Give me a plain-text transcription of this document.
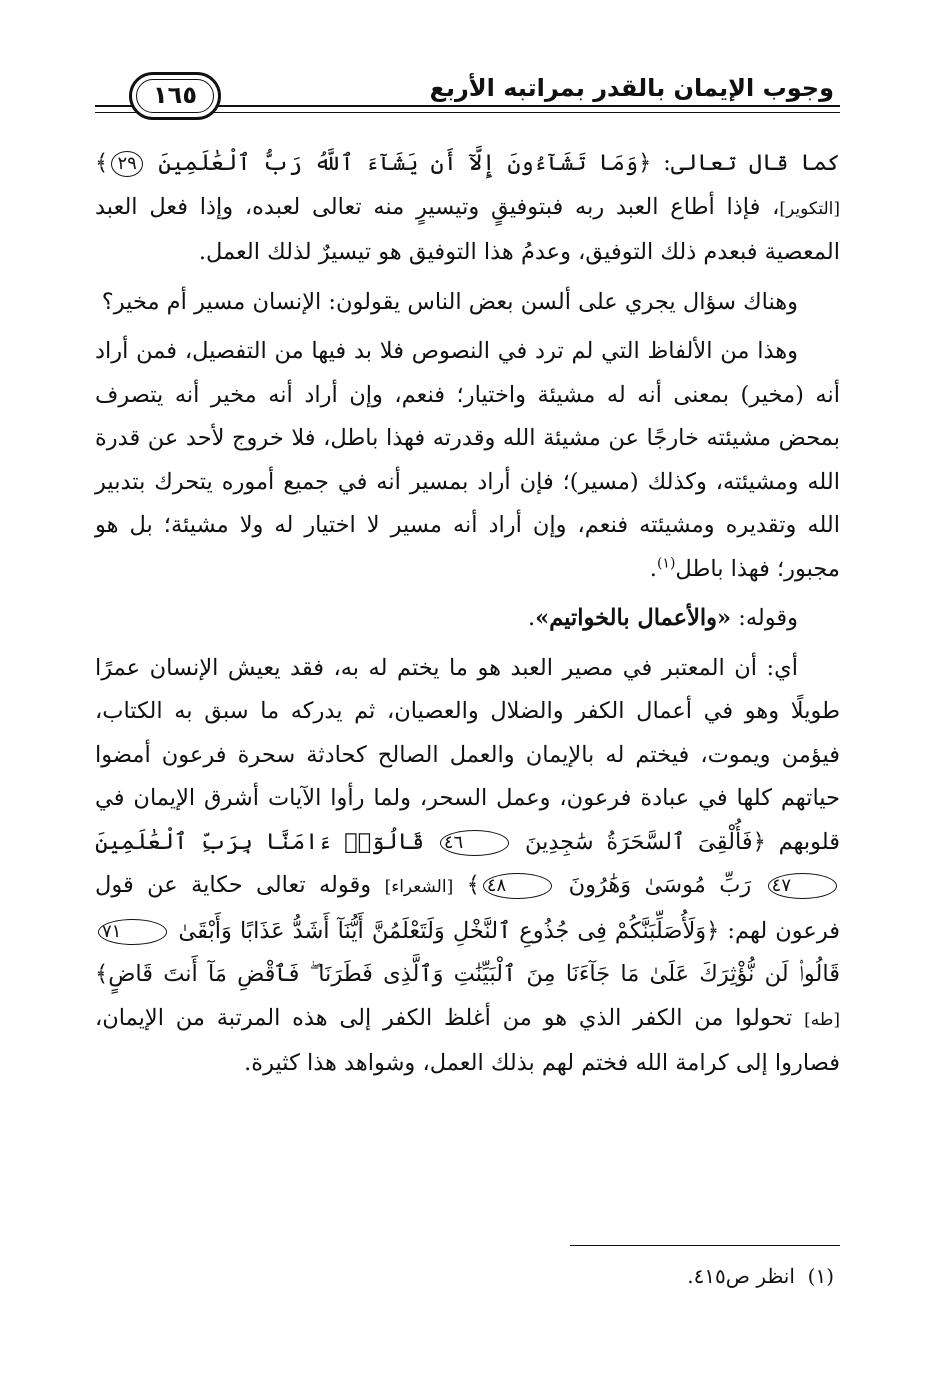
وجوب الإيمان بالقدر بمراتبه الأربع
١٦٥

كما قال تعالى: ﴿وَمَا تَشَآءُونَ إِلَّآ أَن يَشَآءَ ٱللَّهُ رَبُّ ٱلْعَٰلَمِينَ ٢٩﴾ [التكوير]، فإذا أطاع العبد ربه فبتوفيقٍ وتيسيرٍ منه تعالى لعبده، وإذا فعل العبد المعصية فبعدم ذلك التوفيق، وعدمُ هذا التوفيق هو تيسيرٌ لذلك العمل.

وهناك سؤال يجري على ألسن بعض الناس يقولون: الإنسان مسير أم مخير؟

وهذا من الألفاظ التي لم ترد في النصوص فلا بد فيها من التفصيل، فمن أراد أنه (مخير) بمعنى أنه له مشيئة واختيار؛ فنعم، وإن أراد أنه مخير أنه يتصرف بمحض مشيئته خارجًا عن مشيئة الله وقدرته فهذا باطل، فلا خروج لأحد عن قدرة الله ومشيئته، وكذلك (مسير)؛ فإن أراد بمسير أنه في جميع أموره يتحرك بتدبير الله وتقديره ومشيئته فنعم، وإن أراد أنه مسير لا اختيار له ولا مشيئة؛ بل هو مجبور؛ فهذا باطل$^{(١)}$.

وقوله: «والأعمال بالخواتيم».

أي: أن المعتبر في مصير العبد هو ما يختم له به، فقد يعيش الإنسان عمرًا طويلًا وهو في أعمال الكفر والضلال والعصيان، ثم يدركه ما سبق به الكتاب، فيؤمن ويموت، فيختم له بالإيمان والعمل الصالح كحادثة سحرة فرعون أمضوا حياتهم كلها في عبادة فرعون، وعمل السحر، ولما رأوا الآيات أشرق الإيمان في قلوبهم ﴿فَأُلْقِىَ ٱلسَّحَرَةُ سَٰجِدِينَ ٤٦ قَالُوٓا۟ ءَامَنَّا بِرَبِّ ٱلْعَٰلَمِينَ ٤٧ رَبِّ مُوسَىٰ وَهَٰرُونَ ٤٨﴾ [الشعراء] وقوله تعالى حكاية عن قول فرعون لهم: ﴿وَلَأُصَلِّبَنَّكُمْ فِى جُذُوعِ ٱلنَّخْلِ وَلَتَعْلَمُنَّ أَيُّنَآ أَشَدُّ عَذَابًا وَأَبْقَىٰ ٧١ قَالُوا۟ لَن نُّؤْثِرَكَ عَلَىٰ مَا جَآءَنَا مِنَ ٱلْبَيِّنَٰتِ وَٱلَّذِى فَطَرَنَا ۖ فَٱقْضِ مَآ أَنتَ قَاضٍ﴾ [طه] تحولوا من الكفر الذي هو من أغلظ الكفر إلى هذه المرتبة من الإيمان، فصاروا إلى كرامة الله فختم لهم بذلك العمل، وشواهد هذا كثيرة.

(١)  انظر ص٤١٥.
